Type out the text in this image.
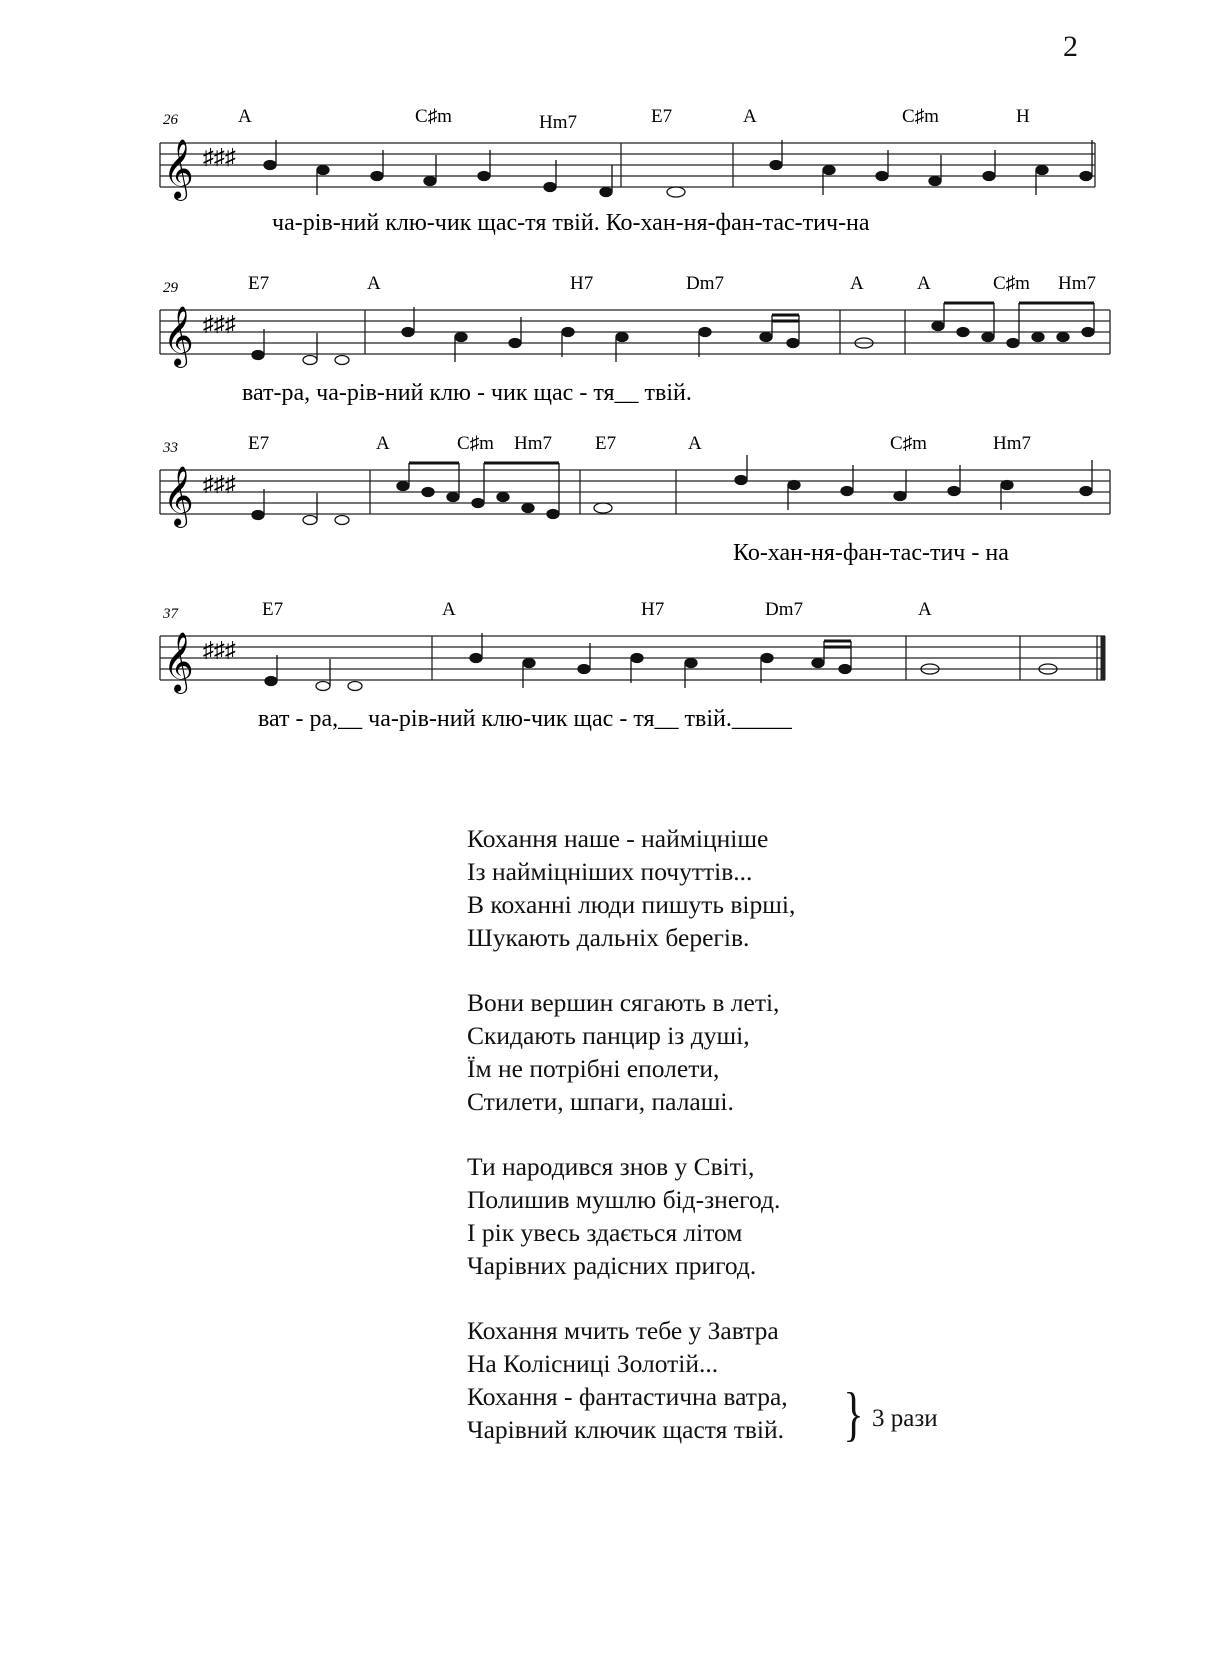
2
26	A	C♯m	Hm7	E7	A	C♯m	H
𝄞 ♯♯♯
ча-рів-ний клю-чик щас-тя твій. Ко-хан-ня-фан-тас-тич-на
29	E7	A	H7	Dm7	A	A	C♯m Hm7
𝄞 ♯♯♯
ват-ра, ча-рів-ний клю - чик щас - тя__ твій.
33	E7	A	C♯m Hm7 E7	A	C♯m	Hm7
𝄞 ♯♯♯
Ко-хан-ня-фан-тас-тич - на
37	E7	A	H7	Dm7	A
𝄞 ♯♯♯
ват - ра,__ ча-рів-ний клю-чик щас - тя__ твій._____
Кохання наше - найміцніше
Із найміцніших почуттів...
В коханні люди пишуть вірші,
Шукають дальніх берегів.
Вони вершин сягають в леті,
Скидають панцир із душі,
Їм не потрібні еполети,
Стилети, шпаги, палаші.
Ти народився знов у Світі,
Полишив мушлю бід-знегод.
І рік увесь здається літом
Чарівних радісних пригод.
Кохання мчить тебе у Завтра
На Колісниці Золотій...
Кохання - фантастична ватра,
Чарівний ключик щастя твій. } 3 рази
